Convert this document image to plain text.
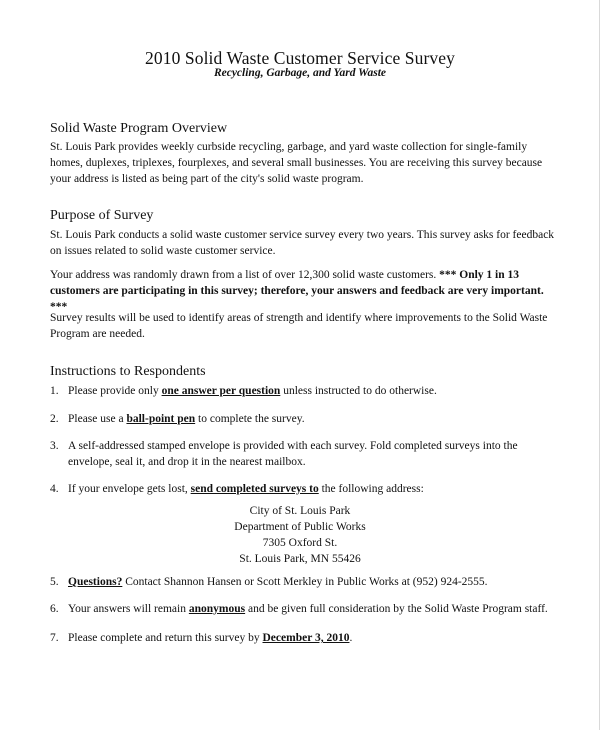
2010 Solid Waste Customer Service Survey
Recycling, Garbage, and Yard Waste
Solid Waste Program Overview
St. Louis Park provides weekly curbside recycling, garbage, and yard waste collection for single-family homes, duplexes, triplexes, fourplexes, and several small businesses. You are receiving this survey because your address is listed as being part of the city's solid waste program.
Purpose of Survey
St. Louis Park conducts a solid waste customer service survey every two years. This survey asks for feedback on issues related to solid waste customer service.
Your address was randomly drawn from a list of over 12,300 solid waste customers. *** Only 1 in 13 customers are participating in this survey; therefore, your answers and feedback are very important. ***
Survey results will be used to identify areas of strength and identify where improvements to the Solid Waste Program are needed.
Instructions to Respondents
1. Please provide only one answer per question unless instructed to do otherwise.
2. Please use a ball-point pen to complete the survey.
3. A self-addressed stamped envelope is provided with each survey. Fold completed surveys into the envelope, seal it, and drop it in the nearest mailbox.
4. If your envelope gets lost, send completed surveys to the following address:
City of St. Louis Park
Department of Public Works
7305 Oxford St.
St. Louis Park, MN 55426
5. Questions? Contact Shannon Hansen or Scott Merkley in Public Works at (952) 924-2555.
6. Your answers will remain anonymous and be given full consideration by the Solid Waste Program staff.
7. Please complete and return this survey by December 3, 2010.
